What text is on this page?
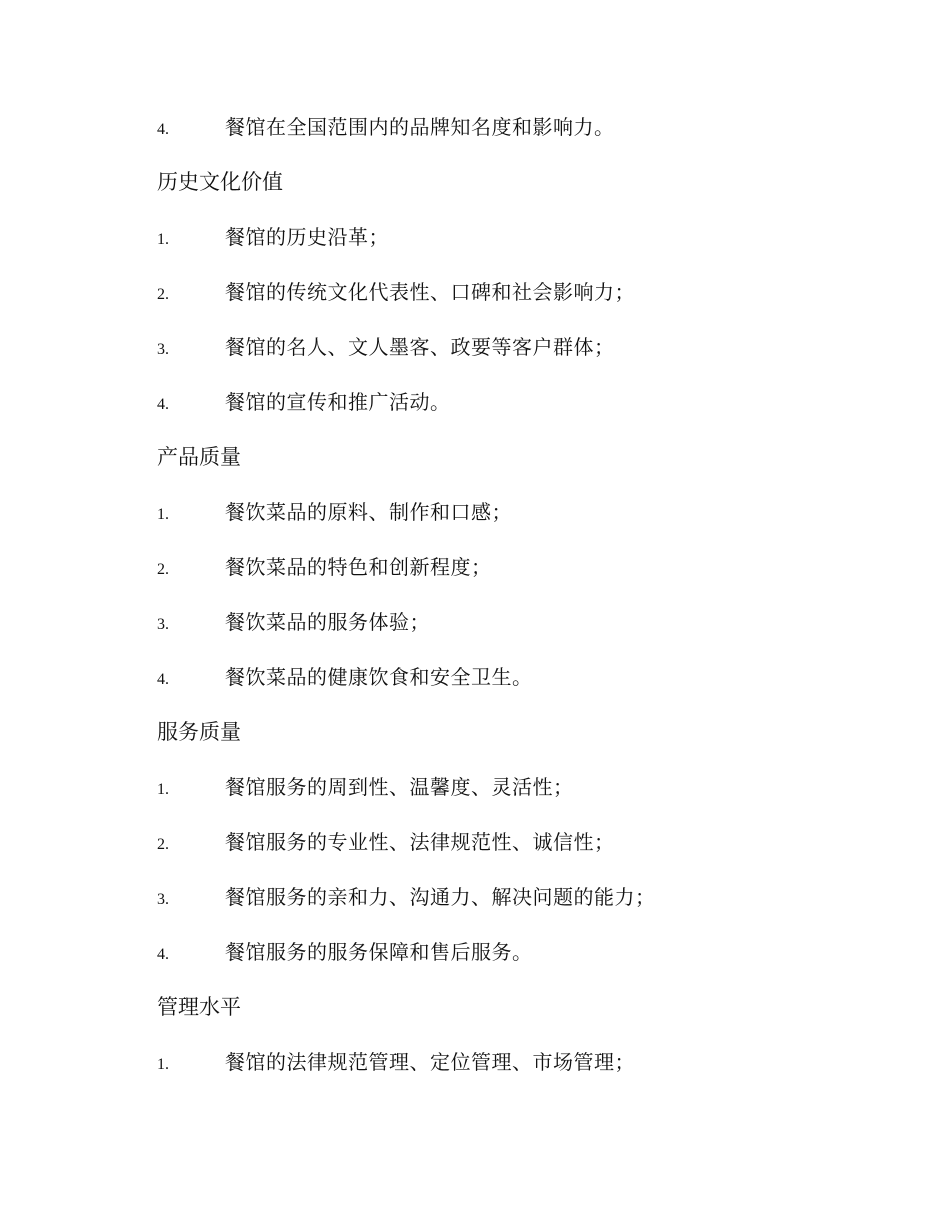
4.	餐馆在全国范围内的品牌知名度和影响力。
历史文化价值
1.	餐馆的历史沿革；
2.	餐馆的传统文化代表性、口碑和社会影响力；
3.	餐馆的名人、文人墨客、政要等客户群体；
4.	餐馆的宣传和推广活动。
产品质量
1.	餐饮菜品的原料、制作和口感；
2.	餐饮菜品的特色和创新程度；
3.	餐饮菜品的服务体验；
4.	餐饮菜品的健康饮食和安全卫生。
服务质量
1.	餐馆服务的周到性、温馨度、灵活性；
2.	餐馆服务的专业性、法律规范性、诚信性；
3.	餐馆服务的亲和力、沟通力、解决问题的能力；
4.	餐馆服务的服务保障和售后服务。
管理水平
1.	餐馆的法律规范管理、定位管理、市场管理；
